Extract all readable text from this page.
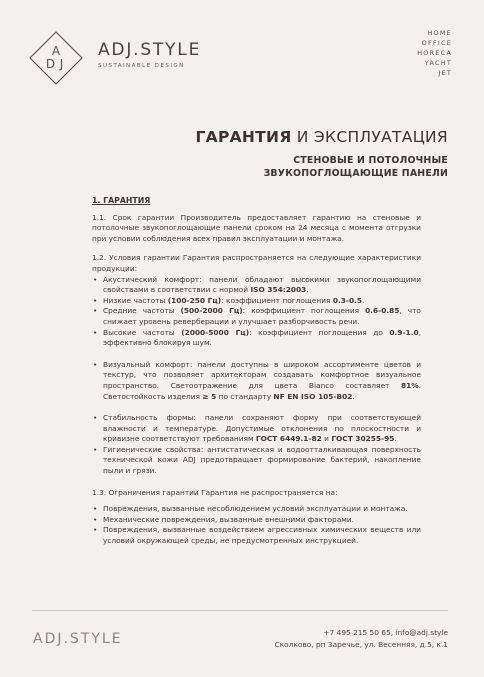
A
D J
ADJ.STYLE
SUSTAINABLE DESIGN
HOME
OFFICE
HORECA
YACHT
JET
ГАРАНТИЯ И ЭКСПЛУАТАЦИЯ
СТЕНОВЫЕ И ПОТОЛОЧНЫЕ
ЗВУКОПОГЛОЩАЮЩИЕ ПАНЕЛИ
1. ГАРАНТИЯ

1.1. Срок гарантии Производитель предоставляет гарантию на стеновые и потолочные звукопоглощающие панели сроком на 24 месяца с момента отгрузки при условии соблюдения всех правил эксплуатации и монтажа.

1.2. Условия гарантии Гарантия распространяется на следующие характеристики продукции:

• Акустический комфорт: панели обладают высокими звукопоглощающими свойствами в соответствии с нормой ISO 354:2003.
• Низкие частоты (100-250 Гц): коэффициент поглощения 0.3-0.5.
• Средние частоты (500-2000 Гц): коэффициент поглощения 0.6-0.85, что снижает уровень реверберации и улучшает разборчивость речи.
• Высокие частоты (2000-5000 Гц): коэффициент поглощения до 0.9-1.0, эффективно блокируя шум.
• Визуальный комфорт: панели доступны в широком ассортименте цветов и текстур, что позволяет архитекторам создавать комфортное визуальное пространство. Светоотражение для цвета Bianco составляет 81%. Светостойкость изделия ≥ 5 по стандарту NF EN ISO 105-B02.
• Стабильность формы: панели сохраняют форму при соответствующей влажности и температуре. Допустимые отклонения по плоскостности и кривизне соответствуют требованиям ГОСТ 6449.1-82 и ГОСТ 30255-95.
• Гигиенические свойства: антистатическая и водоотталкивающая поверхность технической кожи ADJ предотвращает формирование бактерий, накопление пыли и грязи.

1.3. Ограничения гарантии Гарантия не распространяется на:

• Повреждения, вызванные несоблюдением условий эксплуатации и монтажа.
• Механические повреждения, вызванные внешними факторами.
• Повреждения, вызванные воздействием агрессивных химических веществ или условий окружающей среды, не предусмотренных инструкцией.
ADJ.STYLE	+7 495 215 50 65, info@adj.style
Сколково, рп Заречье, ул. Весенняя, д.5, к.1
